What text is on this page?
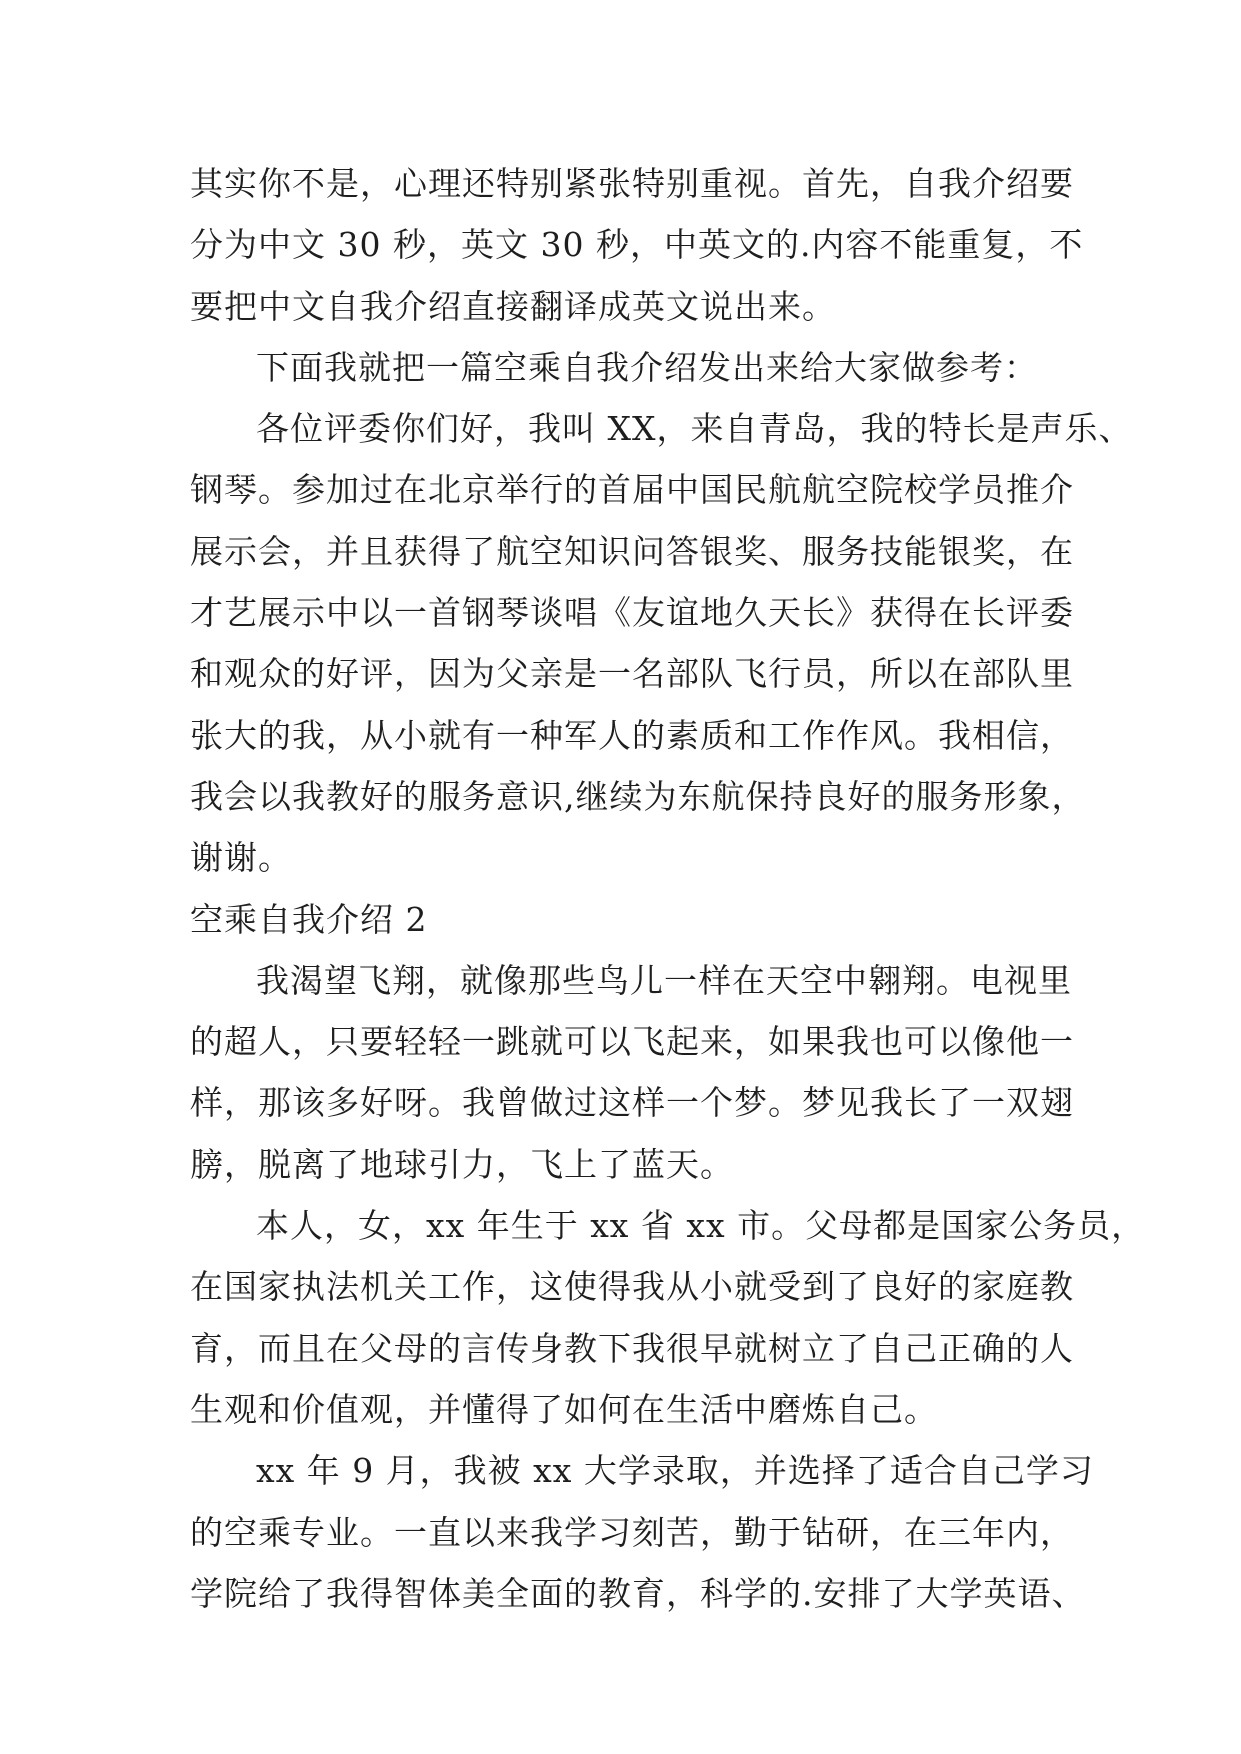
其实你不是，心理还特别紧张特别重视。首先，自我介绍要
分为中文 30 秒，英文 30 秒，中英文的.内容不能重复，不
要把中文自我介绍直接翻译成英文说出来。
下面我就把一篇空乘自我介绍发出来给大家做参考：
各位评委你们好，我叫 XX，来自青岛，我的特长是声乐、
钢琴。参加过在北京举行的首届中国民航航空院校学员推介
展示会，并且获得了航空知识问答银奖、服务技能银奖，在
才艺展示中以一首钢琴谈唱《友谊地久天长》获得在长评委
和观众的好评，因为父亲是一名部队飞行员，所以在部队里
张大的我，从小就有一种军人的素质和工作作风。我相信，
我会以我教好的服务意识,继续为东航保持良好的服务形象，
谢谢。
空乘自我介绍 2
我渴望飞翔，就像那些鸟儿一样在天空中翱翔。电视里
的超人，只要轻轻一跳就可以飞起来，如果我也可以像他一
样，那该多好呀。我曾做过这样一个梦。梦见我长了一双翅
膀，脱离了地球引力，飞上了蓝天。
本人，女，xx 年生于 xx 省 xx 市。父母都是国家公务员，
在国家执法机关工作，这使得我从小就受到了良好的家庭教
育，而且在父母的言传身教下我很早就树立了自己正确的人
生观和价值观，并懂得了如何在生活中磨炼自己。
xx 年 9 月，我被 xx 大学录取，并选择了适合自己学习
的空乘专业。一直以来我学习刻苦，勤于钻研，在三年内，
学院给了我得智体美全面的教育，科学的.安排了大学英语、
